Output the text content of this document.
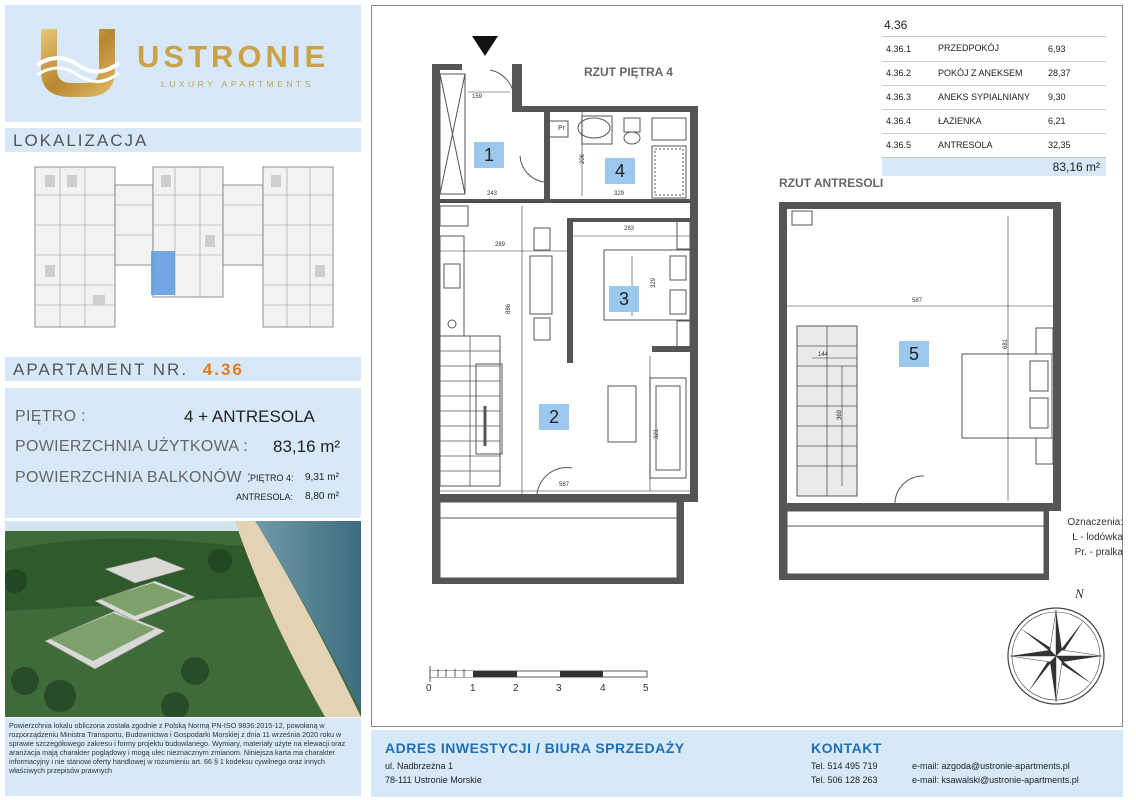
USTRONIE
LUXURY APARTMENTS
LOKALIZACJA
APARTAMENT NR. 4.36
PIĘTRO :	4 + ANTRESOLA
POWIERZCHNIA UŻYTKOWA : 83,16 m²
POWIERZCHNIA BALKONÓW :
PIĘTRO 4: 9,31 m²
ANTRESOLA: 8,80 m²
Powierzchnia lokalu obliczona została zgodnie z Polską Normą PN-ISO 9836:2015-12, powołaną w rozporządzeniu Ministra Transportu, Budownictwa i Gospodarki Morskiej z dnia 11 września 2020 roku w sprawie szczegółowego zakresu i formy projektu budowlanego. Wymiary, materiały użyte na elewacji oraz aranżacja mają charakter poglądowy i mogą ulec nieznacznym zmianom. Niniejsza karta ma charakter informacyjny i nie stanowi oferty handlowej w rozumieniu art. 66 § 1 kodeksu cywilnego oraz innych właściwych przepisów prawnych
4.36
4.36.1	PRZEDPOKÓJ	6,93
4.36.2	POKÓJ Z ANEKSEM	28,37
4.36.3	ANEKS SYPIALNIANY	9,30
4.36.4	ŁAZIENKA	6,21
4.36.5	ANTRESOLA	32,35
83,16 m²
RZUT PIĘTRA 4
RZUT ANTRESOLI
1
2
3
4
5
159
243	329
206
283
289
886
329
321
587
587
681
144
369
Pr
0	1	2	3	4	5
Oznaczenia:
L - lodówka
Pr. - pralka
N
ADRES INWESTYCJI / BIURA SPRZEDAŻY
ul. Nadbrzeżna 1
78-111 Ustronie Morskie
KONTAKT
Tel. 514 495 719
Tel. 506 128 263
e-mail: azgoda@ustronie-apartments.pl
e-mail: ksawalski@ustronie-apartments.pl
